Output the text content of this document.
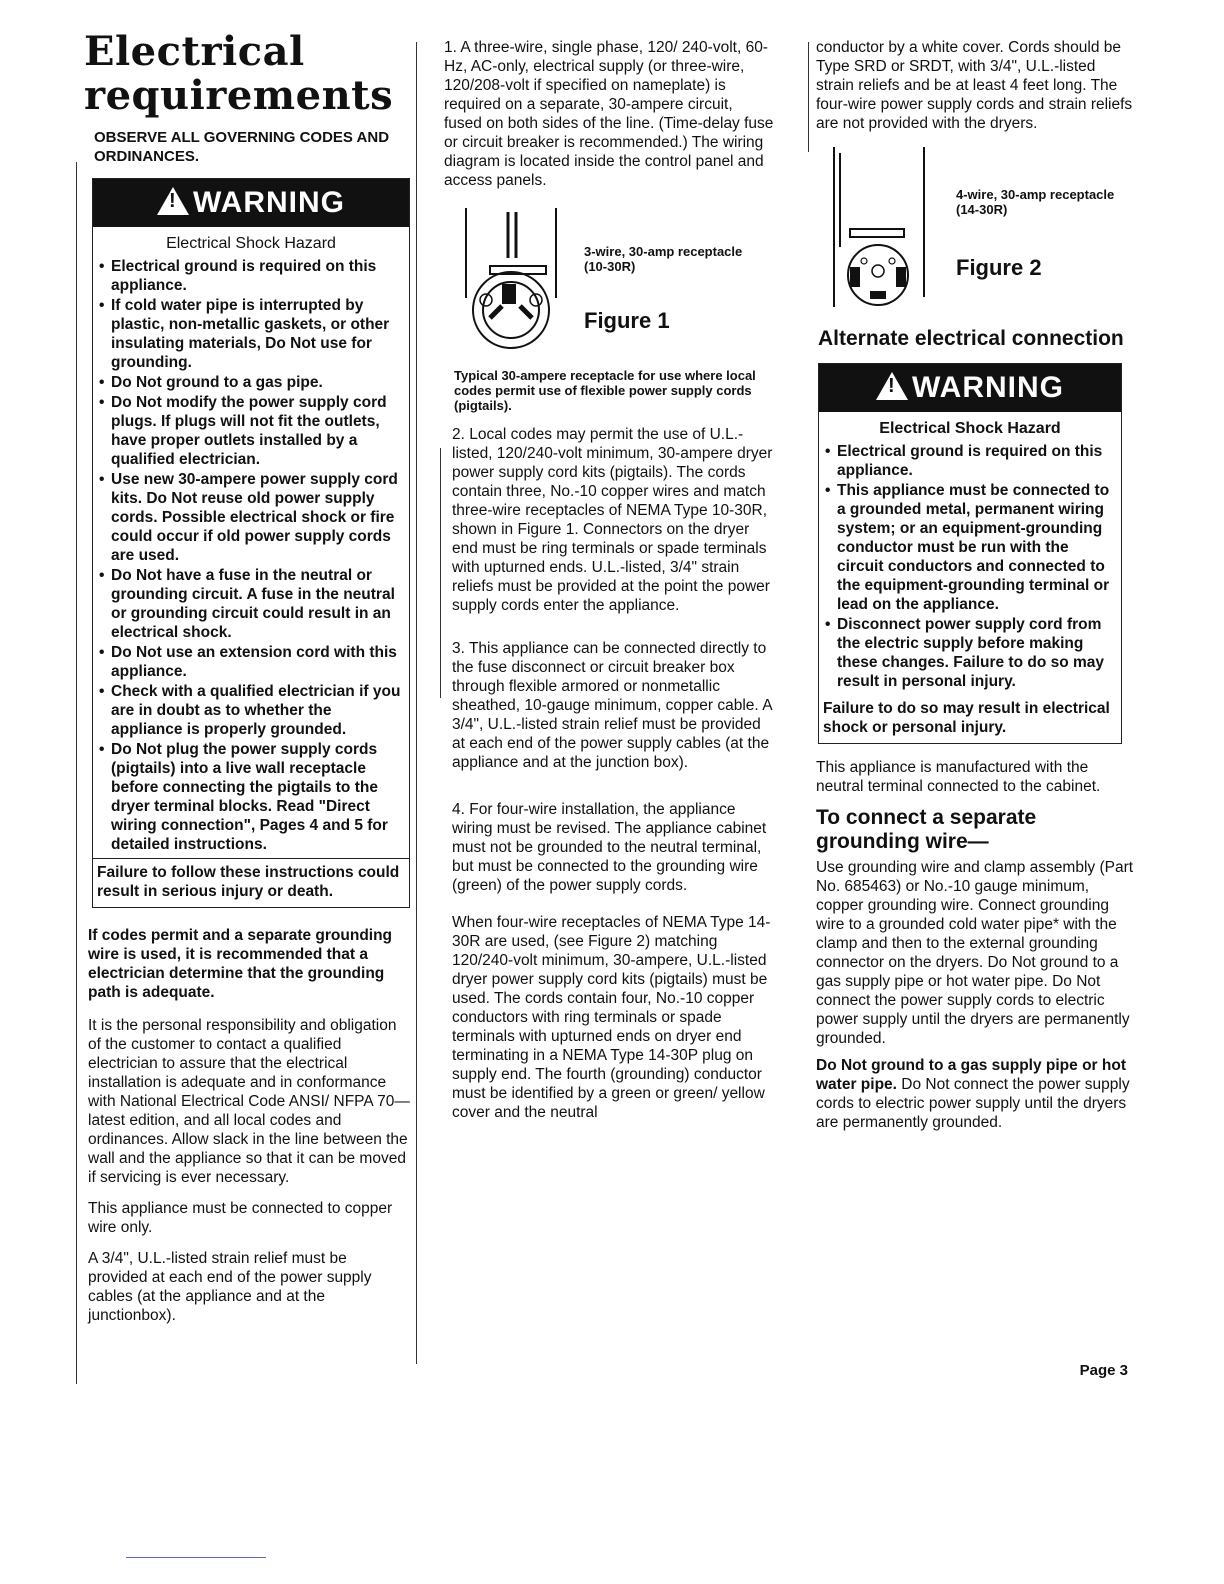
Electrical
requirements
OBSERVE ALL GOVERNING CODES AND ORDINANCES.
!
WARNING
Electrical Shock Hazard
• Electrical ground is required on this appliance.
• If cold water pipe is interrupted by plastic, non-metallic gaskets, or other insulating materials, Do Not use for grounding.
• Do Not ground to a gas pipe.
• Do Not modify the power supply cord plugs. If plugs will not fit the outlets, have proper outlets installed by a qualified electrician.
• Use new 30-ampere power supply cord kits. Do Not reuse old power supply cords. Possible electrical shock or fire could occur if old power supply cords are used.
• Do Not have a fuse in the neutral or grounding circuit. A fuse in the neutral or grounding circuit could result in an electrical shock.
• Do Not use an extension cord with this appliance.
• Check with a qualified electrician if you are in doubt as to whether the appliance is properly grounded.
• Do Not plug the power supply cords (pigtails) into a live wall receptacle before connecting the pigtails to the dryer terminal blocks. Read "Direct wiring connection", Pages 4 and 5 for detailed instructions.
Failure to follow these instructions could result in serious injury or death.
If codes permit and a separate grounding wire is used, it is recommended that a electrician determine that the grounding path is adequate.
It is the personal responsibility and obligation of the customer to contact a qualified electrician to assure that the electrical installation is adequate and in conformance with National Electrical Code ANSI/ NFPA 70—latest edition, and all local codes and ordinances. Allow slack in the line between the wall and the appliance so that it can be moved if servicing is ever necessary.
This appliance must be connected to copper wire only.
A 3/4", U.L.-listed strain relief must be provided at each end of the power supply cables (at the appliance and at the junctionbox).
1. A three-wire, single phase, 120/ 240-volt, 60-Hz, AC-only, electrical supply (or three-wire, 120/208-volt if specified on nameplate) is required on a separate, 30-ampere circuit, fused on both sides of the line. (Time-delay fuse or circuit breaker is recommended.) The wiring diagram is located inside the control panel and access panels.
3-wire, 30-amp receptacle (10-30R)
Figure 1
Typical 30-ampere receptacle for use where local codes permit use of flexible power supply cords (pigtails).
2. Local codes may permit the use of U.L.-listed, 120/240-volt minimum, 30-ampere dryer power supply cord kits (pigtails). The cords contain three, No.-10 copper wires and match three-wire receptacles of NEMA Type 10-30R, shown in Figure 1. Connectors on the dryer end must be ring terminals or spade terminals with upturned ends. U.L.-listed, 3/4" strain reliefs must be provided at the point the power supply cords enter the appliance.
3. This appliance can be connected directly to the fuse disconnect or circuit breaker box through flexible armored or nonmetallic sheathed, 10-gauge minimum, copper cable. A 3/4", U.L.-listed strain relief must be provided at each end of the power supply cables (at the appliance and at the junction box).
4. For four-wire installation, the appliance wiring must be revised. The appliance cabinet must not be grounded to the neutral terminal, but must be connected to the grounding wire (green) of the power supply cords.
When four-wire receptacles of NEMA Type 14-30R are used, (see Figure 2) matching 120/240-volt minimum, 30-ampere, U.L.-listed dryer power supply cord kits (pigtails) must be used. The cords contain four, No.-10 copper conductors with ring terminals or spade terminals with upturned ends on dryer end terminating in a NEMA Type 14-30P plug on supply end. The fourth (grounding) conductor must be identified by a green or green/ yellow cover and the neutral
conductor by a white cover. Cords should be Type SRD or SRDT, with 3/4", U.L.-listed strain reliefs and be at least 4 feet long. The four-wire power supply cords and strain reliefs are not provided with the dryers.
4-wire, 30-amp receptacle (14-30R)
Figure 2
Alternate electrical connection
!
WARNING
Electrical Shock Hazard
• Electrical ground is required on this appliance.
• This appliance must be connected to a grounded metal, permanent wiring system; or an equipment-grounding conductor must be run with the circuit conductors and connected to the equipment-grounding terminal or lead on the appliance.
• Disconnect power supply cord from the electric supply before making these changes. Failure to do so may result in personal injury.
Failure to do so may result in electrical shock or personal injury.
This appliance is manufactured with the neutral terminal connected to the cabinet.
To connect a separate grounding wire—
Use grounding wire and clamp assembly (Part No. 685463) or No.-10 gauge minimum, copper grounding wire. Connect grounding wire to a grounded cold water pipe* with the clamp and then to the external grounding connector on the dryers. Do Not ground to a gas supply pipe or hot water pipe. Do Not connect the power supply cords to electric power supply until the dryers are permanently grounded.
Do Not ground to a gas supply pipe or hot water pipe. Do Not connect the power supply cords to electric power supply until the dryers are permanently grounded.
Page 3
